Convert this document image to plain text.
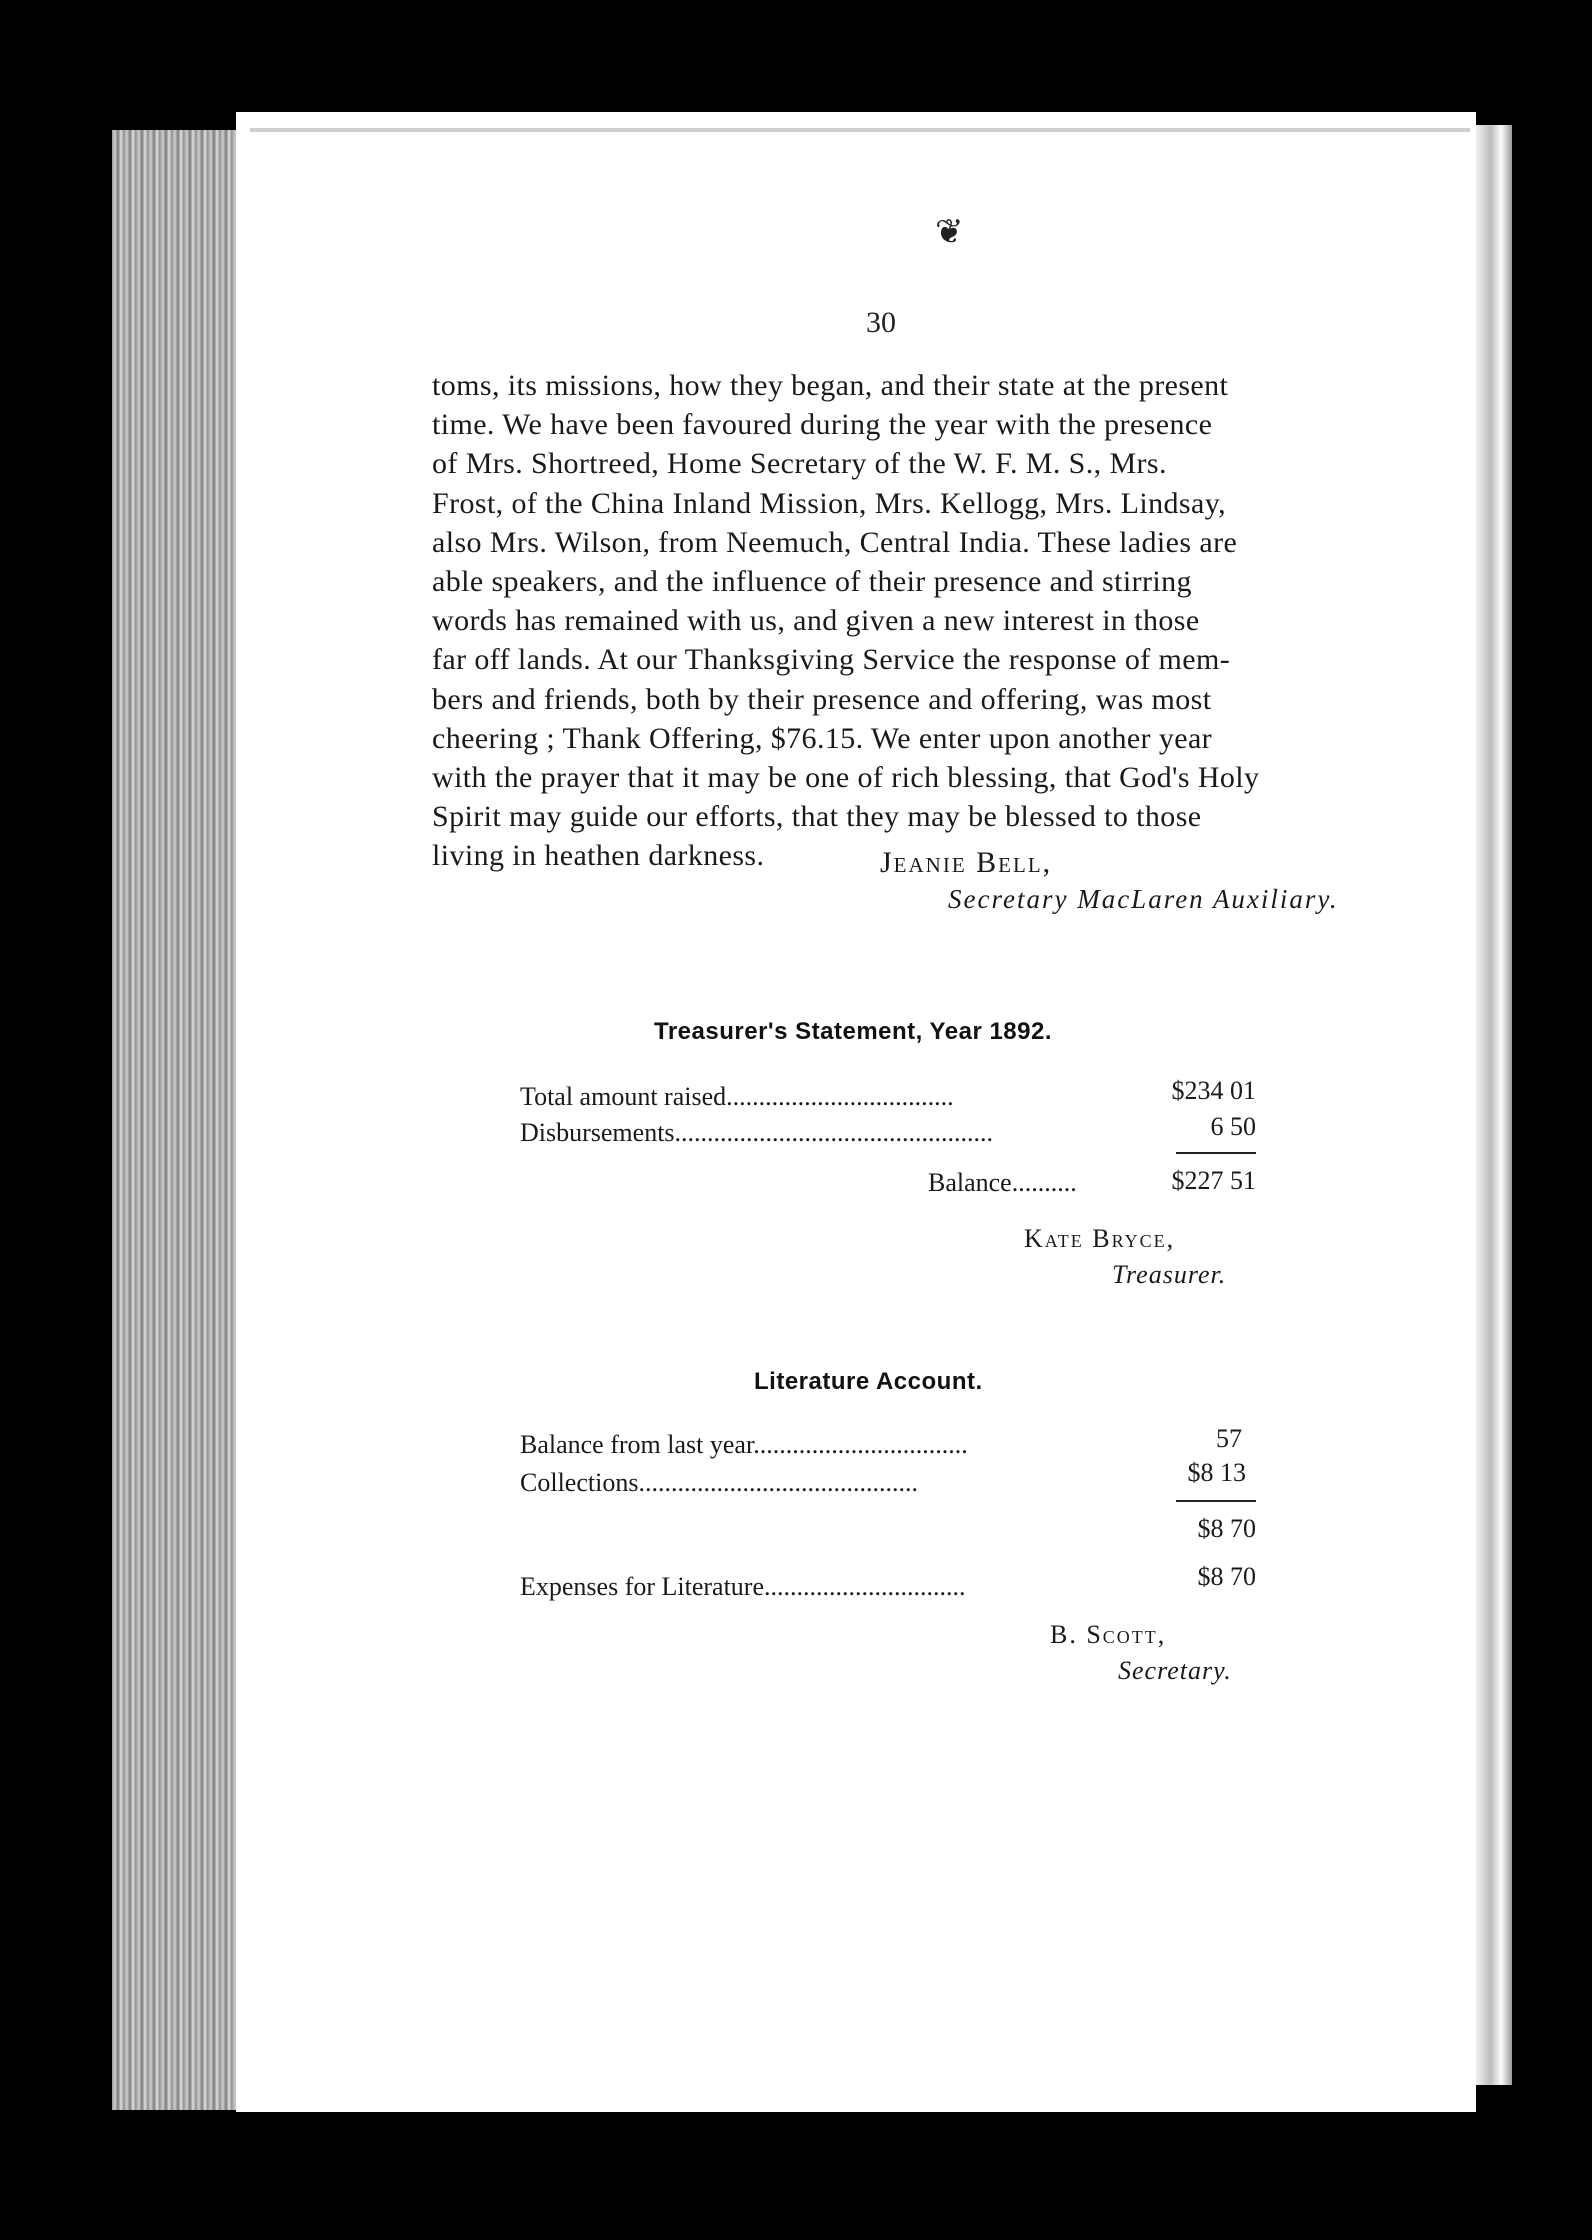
❦
30
toms, its missions, how they began, and their state at the present
time. We have been favoured during the year with the presence
of Mrs. Shortreed, Home Secretary of the W. F. M. S., Mrs.
Frost, of the China Inland Mission, Mrs. Kellogg, Mrs. Lindsay,
also Mrs. Wilson, from Neemuch, Central India. These ladies are
able speakers, and the influence of their presence and stirring
words has remained with us, and given a new interest in those
far off lands. At our Thanksgiving Service the response of mem-
bers and friends, both by their presence and offering, was most
cheering ; Thank Offering, $76.15. We enter upon another year
with the prayer that it may be one of rich blessing, that God's Holy
Spirit may guide our efforts, that they may be blessed to those
living in heathen darkness.	Jeanie Bell,
Secretary MacLaren Auxiliary.
Treasurer's Statement, Year 1892.
Total amount raised...................................	$234 01
Disbursements.................................................	6 50
Balance..........	$227 51
Kate Bryce,
Treasurer.
Literature Account.
Balance from last year.................................	57
Collections...........................................	$8 13
$8 70
Expenses for Literature...............................	$8 70
B. Scott,
Secretary.
